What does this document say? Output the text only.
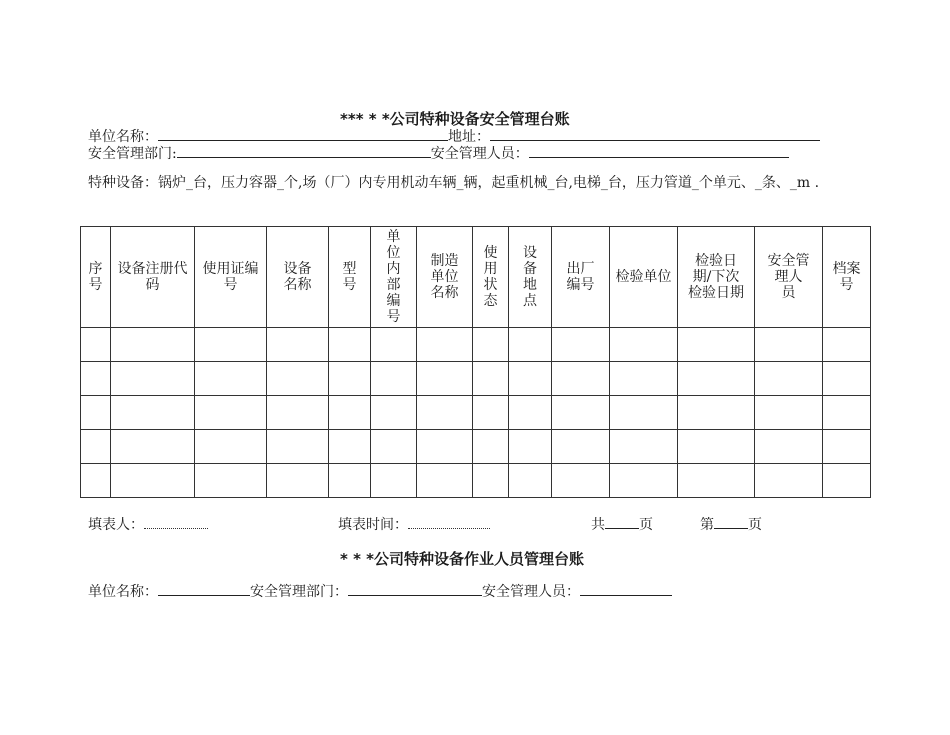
*** * *公司特种设备安全管理台账
单位名称：	地址：
安全管理部门:	安全管理人员：
特种设备：锅炉_台，压力容器_个,场（厂）内专用机动车辆_辆，起重机械_台,电梯_台，压力管道_个单元、_条、_m .
序号	设备注册代码	使用证编号	设备名称	型号	单位内部编号	制造单位名称	使用状态	设备地点	出厂编号	检验单位	检验日期/下次检验日期	安全管理人 员	档案号

填表人：	填表时间：	共 页	第 页
* * *公司特种设备作业人员管理台账
单位名称：	安全管理部门：	安全管理人员：
